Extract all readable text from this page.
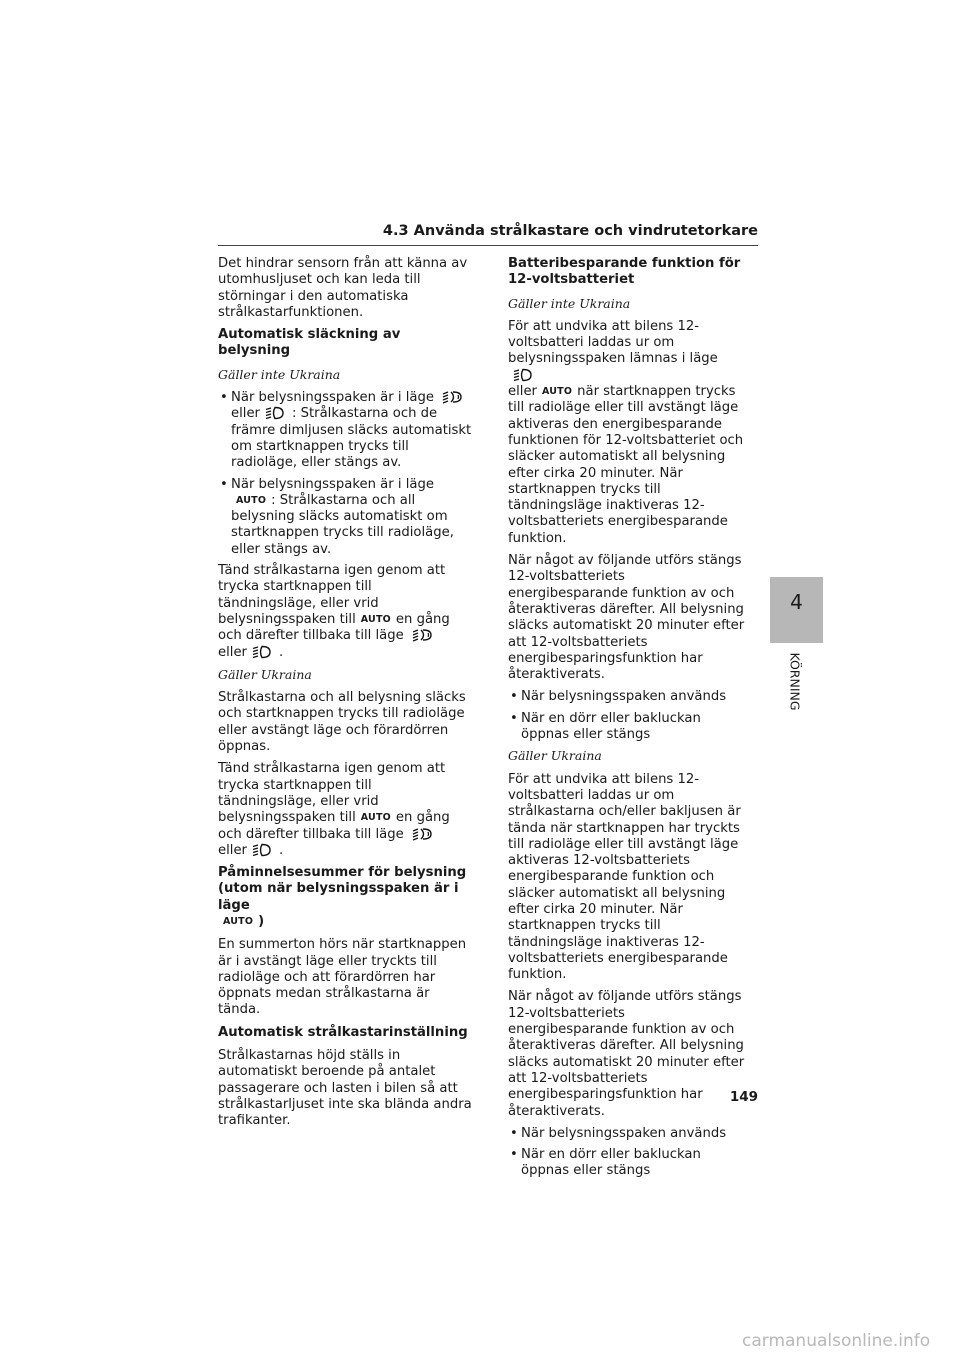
4.3 Använda strålkastare och vindrutetorkare

Det hindrar sensorn från att känna av utomhusljuset och kan leda till störningar i den automatiska strålkastarfunktionen.

Automatisk släckning av belysning

Gäller inte Ukraina

• När belysningsspaken är i läge
eller : Strålkastarna och de främre dimljusen släcks automatiskt om startknappen trycks till radioläge, eller stängs av.

• När belysningsspaken är i lägeAUTO : Strålkastarna och all belysning släcks automatiskt om startknappen trycks till radioläge, eller stängs av.

Tänd strålkastarna igen genom att trycka startknappen till tändningsläge, eller vrid belysningsspaken till AUTO en gång och därefter tillbaka till läge
eller .

Gäller Ukraina

Strålkastarna och all belysning släcks och startknappen trycks till radioläge eller avstängt läge och förardörren öppnas.

Tänd strålkastarna igen genom att trycka startknappen till tändningsläge, eller vrid belysningsspaken till AUTO en gång och därefter tillbaka till läge
eller .

Påminnelsesummer för belysning (utom när belysningsspaken är i läge
AUTO )

En summerton hörs när startknappen är i avstängt läge eller tryckts till radioläge och att förardörren har öppnats medan strålkastarna är tända.

Automatisk strålkastarinställning

Strålkastarnas höjd ställs in automatiskt beroende på antalet passagerare och lasten i bilen så att strålkastarljuset inte ska blända andra trafikanter.

Batteribesparande funktion för 12-voltsbatteriet

Gäller inte Ukraina

För att undvika att bilens 12-voltsbatteri laddas ur om belysningsspaken lämnas i läge
eller AUTO när startknappen trycks till radioläge eller till avstängt läge aktiveras den energibesparande funktionen för 12-voltsbatteriet och släcker automatiskt all belysning efter cirka 20 minuter. När startknappen trycks till tändningsläge inaktiveras 12-voltsbatteriets energibesparande funktion.

När något av följande utförs stängs 12-voltsbatteriets energibesparande funktion av och återaktiveras därefter. All belysning släcks automatiskt 20 minuter efter att 12-voltsbatteriets energibesparingsfunktion har återaktiverats.

• När belysningsspaken används

• När en dörr eller bakluckan öppnas eller stängs

Gäller Ukraina

För att undvika att bilens 12-voltsbatteri laddas ur om strålkastarna och/eller bakljusen är tända när startknappen har tryckts till radioläge eller till avstängt läge aktiveras 12-voltsbatteriets energibesparande funktion och släcker automatiskt all belysning efter cirka 20 minuter. När startknappen trycks till tändningsläge inaktiveras 12-voltsbatteriets energibesparande funktion.

När något av följande utförs stängs 12-voltsbatteriets energibesparande funktion av och återaktiveras därefter. All belysning släcks automatiskt 20 minuter efter att 12-voltsbatteriets energibesparingsfunktion har återaktiverats.

• När belysningsspaken används

• När en dörr eller bakluckan öppnas eller stängs

4
KÖRNING
149
carmanualsonline.info
